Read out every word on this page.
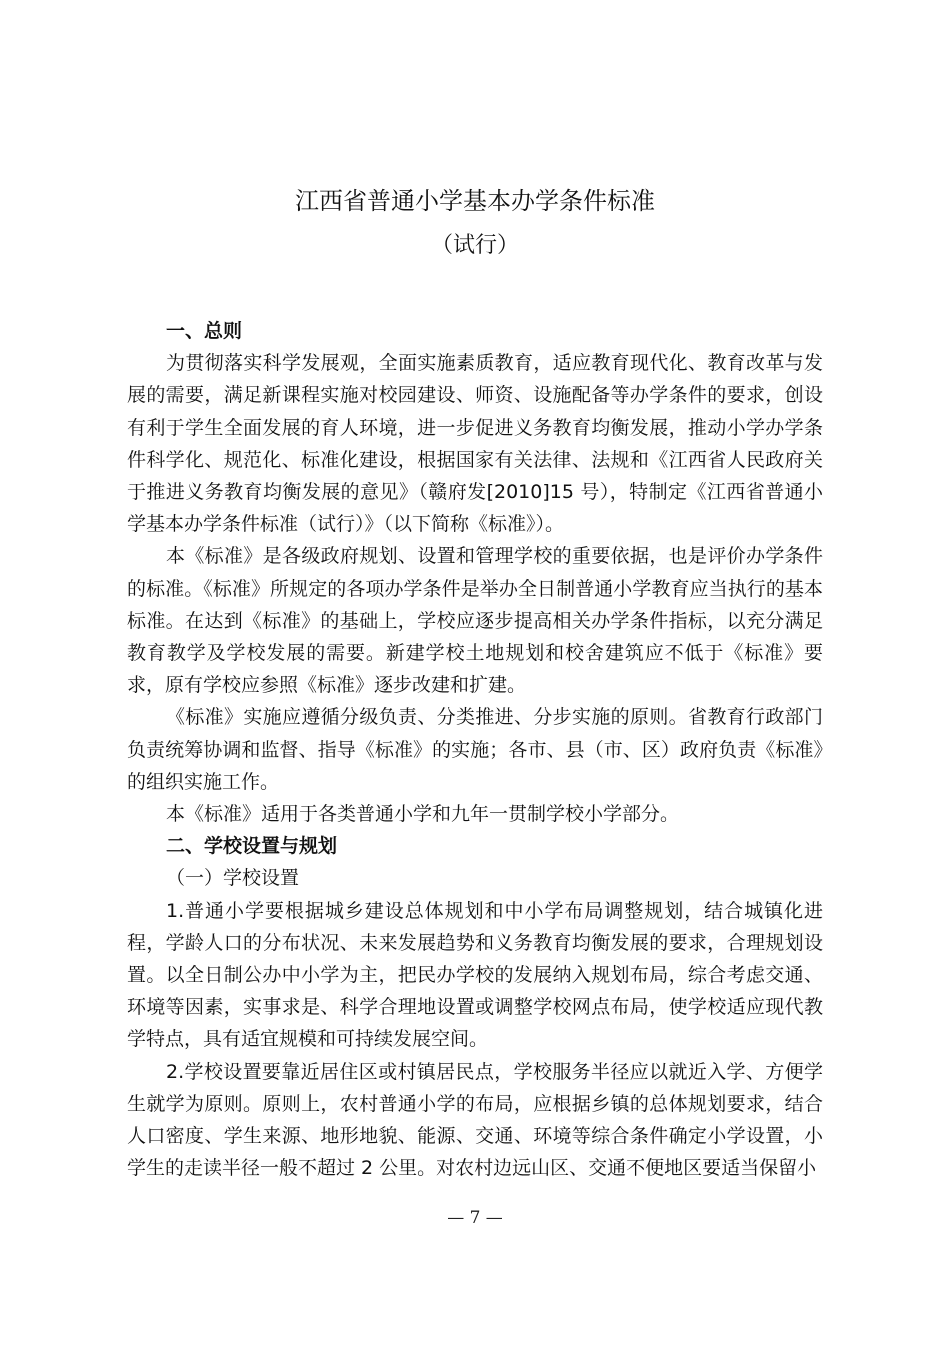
江西省普通小学基本办学条件标准
（试行）

一、总则

为贯彻落实科学发展观，全面实施素质教育，适应教育现代化、教育改革与发展的需要，满足新课程实施对校园建设、师资、设施配备等办学条件的要求，创设有利于学生全面发展的育人环境，进一步促进义务教育均衡发展，推动小学办学条件科学化、规范化、标准化建设，根据国家有关法律、法规和《江西省人民政府关于推进义务教育均衡发展的意见》（赣府发[2010]15 号），特制定《江西省普通小学基本办学条件标准（试行）》（以下简称《标准》）。

本《标准》是各级政府规划、设置和管理学校的重要依据，也是评价办学条件的标准。《标准》所规定的各项办学条件是举办全日制普通小学教育应当执行的基本标准。在达到《标准》的基础上，学校应逐步提高相关办学条件指标，以充分满足教育教学及学校发展的需要。新建学校土地规划和校舍建筑应不低于《标准》要求，原有学校应参照《标准》逐步改建和扩建。

《标准》实施应遵循分级负责、分类推进、分步实施的原则。省教育行政部门负责统筹协调和监督、指导《标准》的实施；各市、县（市、区）政府负责《标准》的组织实施工作。

本《标准》适用于各类普通小学和九年一贯制学校小学部分。

二、学校设置与规划

（一）学校设置

1.普通小学要根据城乡建设总体规划和中小学布局调整规划，结合城镇化进程，学龄人口的分布状况、未来发展趋势和义务教育均衡发展的要求，合理规划设置。以全日制公办中小学为主，把民办学校的发展纳入规划布局，综合考虑交通、环境等因素，实事求是、科学合理地设置或调整学校网点布局，使学校适应现代教学特点，具有适宜规模和可持续发展空间。

2.学校设置要靠近居住区或村镇居民点，学校服务半径应以就近入学、方便学生就学为原则。原则上，农村普通小学的布局，应根据乡镇的总体规划要求，结合人口密度、学生来源、地形地貌、能源、交通、环境等综合条件确定小学设置，小学生的走读半径一般不超过 2 公里。对农村边远山区、交通不便地区要适当保留小

— 7 —
